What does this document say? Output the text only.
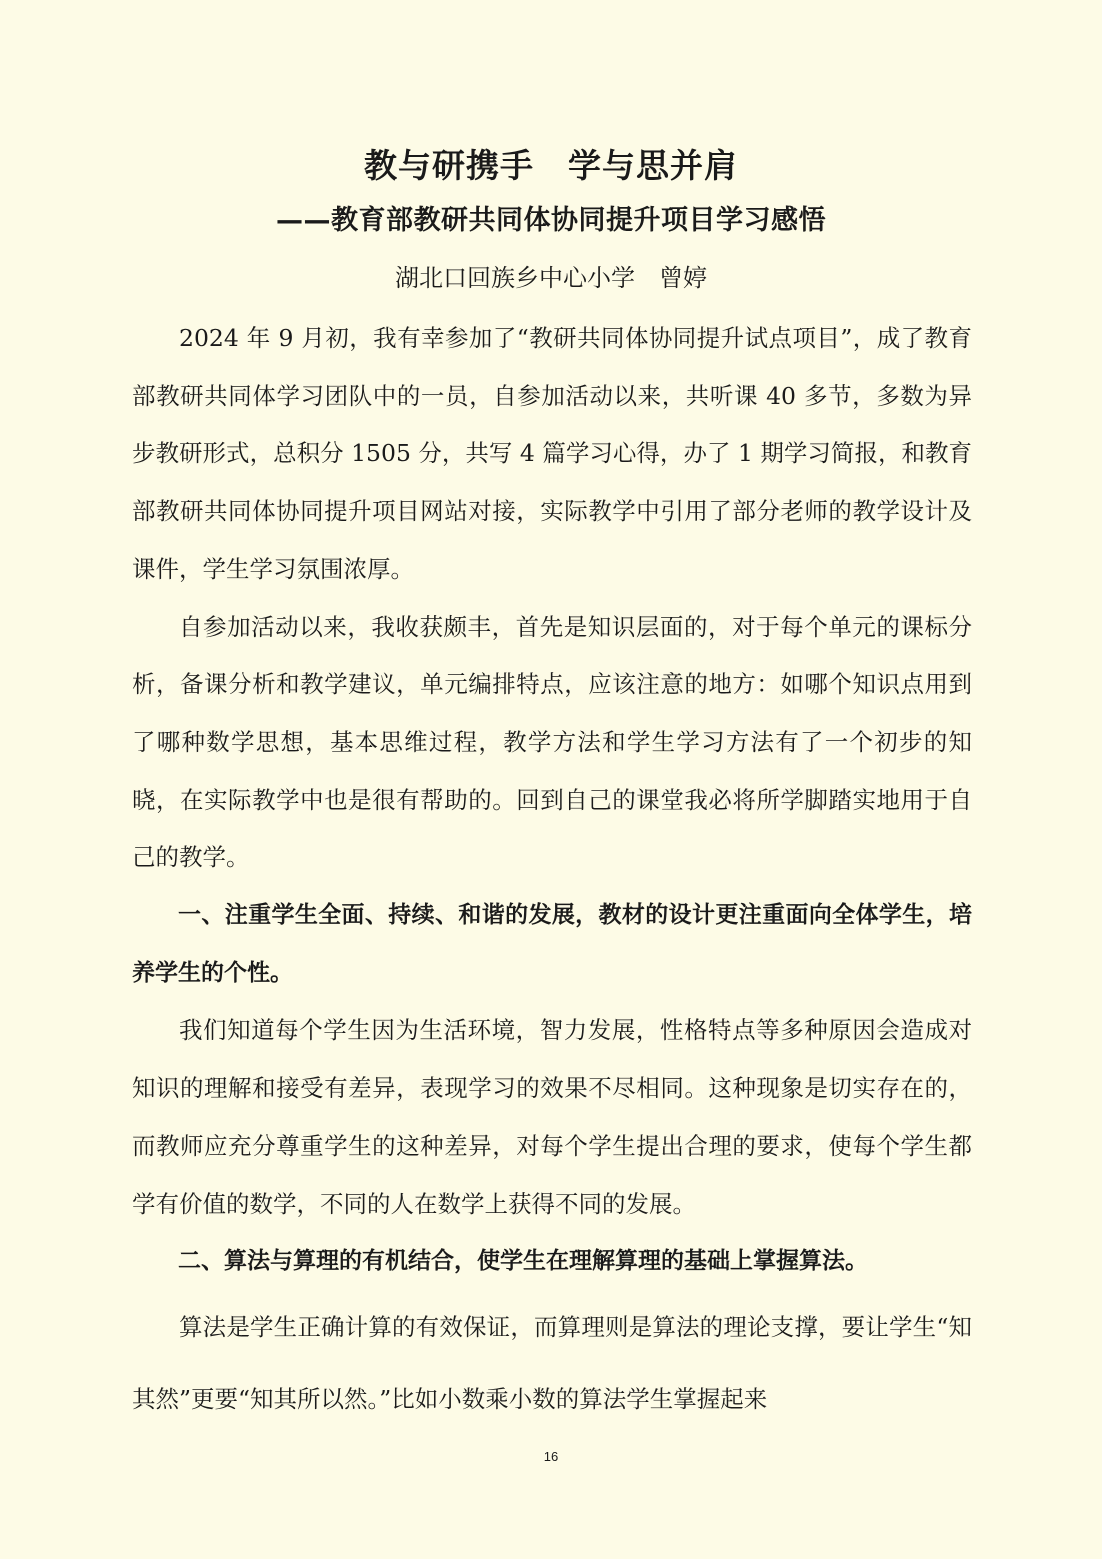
教与研携手　学与思并肩
——教育部教研共同体协同提升项目学习感悟
湖北口回族乡中心小学　曾婷

2024 年 9 月初，我有幸参加了“教研共同体协同提升试点项目”，成了教育部教研共同体学习团队中的一员，自参加活动以来，共听课 40 多节，多数为异步教研形式，总积分 1505 分，共写 4 篇学习心得，办了 1 期学习简报，和教育部教研共同体协同提升项目网站对接，实际教学中引用了部分老师的教学设计及课件，学生学习氛围浓厚。

自参加活动以来，我收获颇丰，首先是知识层面的，对于每个单元的课标分析，备课分析和教学建议，单元编排特点，应该注意的地方：如哪个知识点用到了哪种数学思想，基本思维过程，教学方法和学生学习方法有了一个初步的知晓，在实际教学中也是很有帮助的。回到自己的课堂我必将所学脚踏实地用于自己的教学。

一、注重学生全面、持续、和谐的发展，教材的设计更注重面向全体学生，培养学生的个性。

我们知道每个学生因为生活环境，智力发展，性格特点等多种原因会造成对知识的理解和接受有差异，表现学习的效果不尽相同。这种现象是切实存在的，而教师应充分尊重学生的这种差异，对每个学生提出合理的要求，使每个学生都学有价值的数学，不同的人在数学上获得不同的发展。

二、算法与算理的有机结合，使学生在理解算理的基础上掌握算法。

算法是学生正确计算的有效保证，而算理则是算法的理论支撑，要让学生“知其然”更要“知其所以然。”比如小数乘小数的算法学生掌握起来

16
